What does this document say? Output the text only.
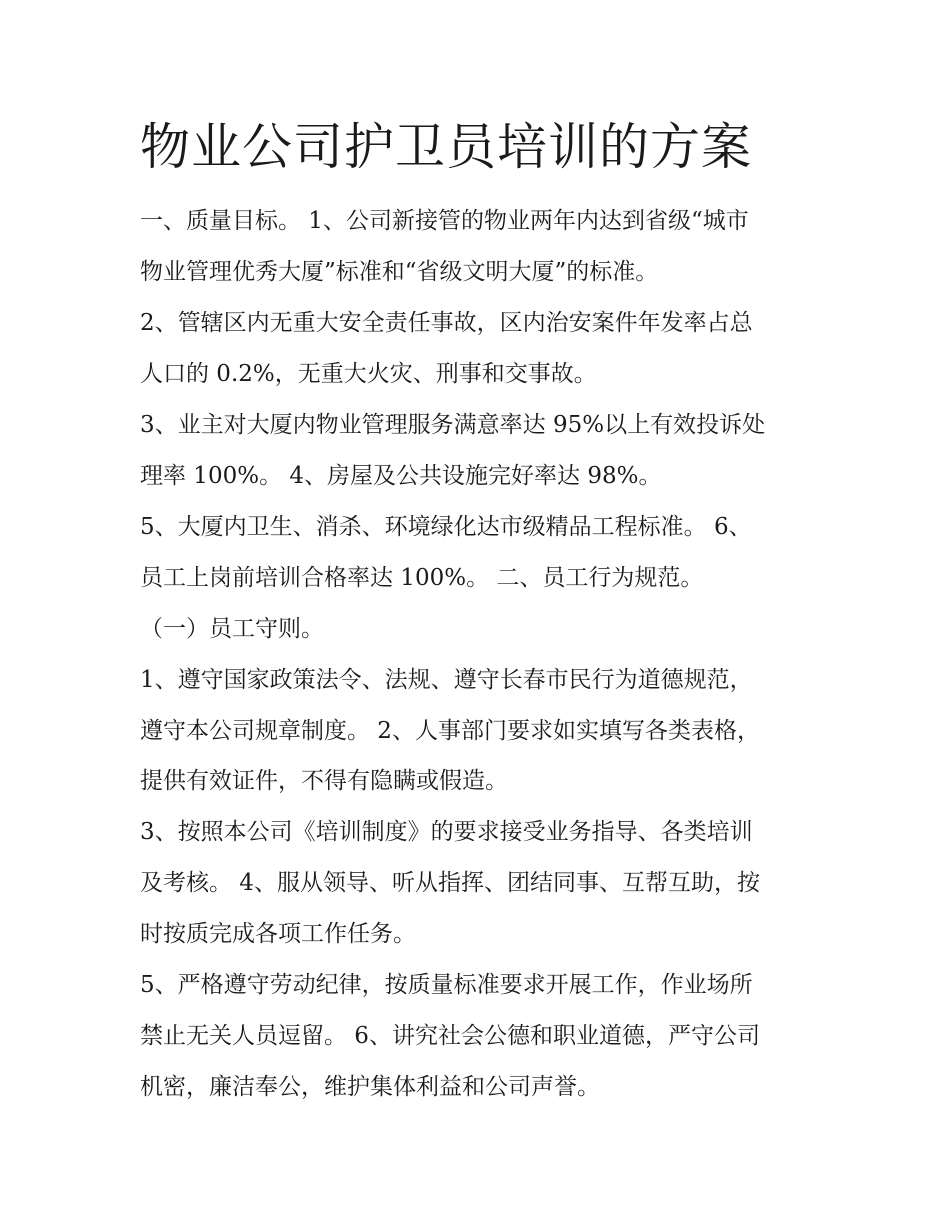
物业公司护卫员培训的方案
一、质量目标。 1、公司新接管的物业两年内达到省级“城市
物业管理优秀大厦”标准和“省级文明大厦”的标准。
2、管辖区内无重大安全责任事故，区内治安案件年发率占总
人口的 0.2%，无重大火灾、刑事和交事故。
3、业主对大厦内物业管理服务满意率达 95%以上有效投诉处
理率 100%。 4、房屋及公共设施完好率达 98%。
5、大厦内卫生、消杀、环境绿化达市级精品工程标准。 6、
员工上岗前培训合格率达 100%。 二、员工行为规范。
（一）员工守则。
1、遵守国家政策法令、法规、遵守长春市民行为道德规范，
遵守本公司规章制度。 2、人事部门要求如实填写各类表格，
提供有效证件，不得有隐瞒或假造。
3、按照本公司《培训制度》的要求接受业务指导、各类培训
及考核。 4、服从领导、听从指挥、团结同事、互帮互助，按
时按质完成各项工作任务。
5、严格遵守劳动纪律，按质量标准要求开展工作，作业场所
禁止无关人员逗留。 6、讲究社会公德和职业道德，严守公司
机密，廉洁奉公，维护集体利益和公司声誉。
